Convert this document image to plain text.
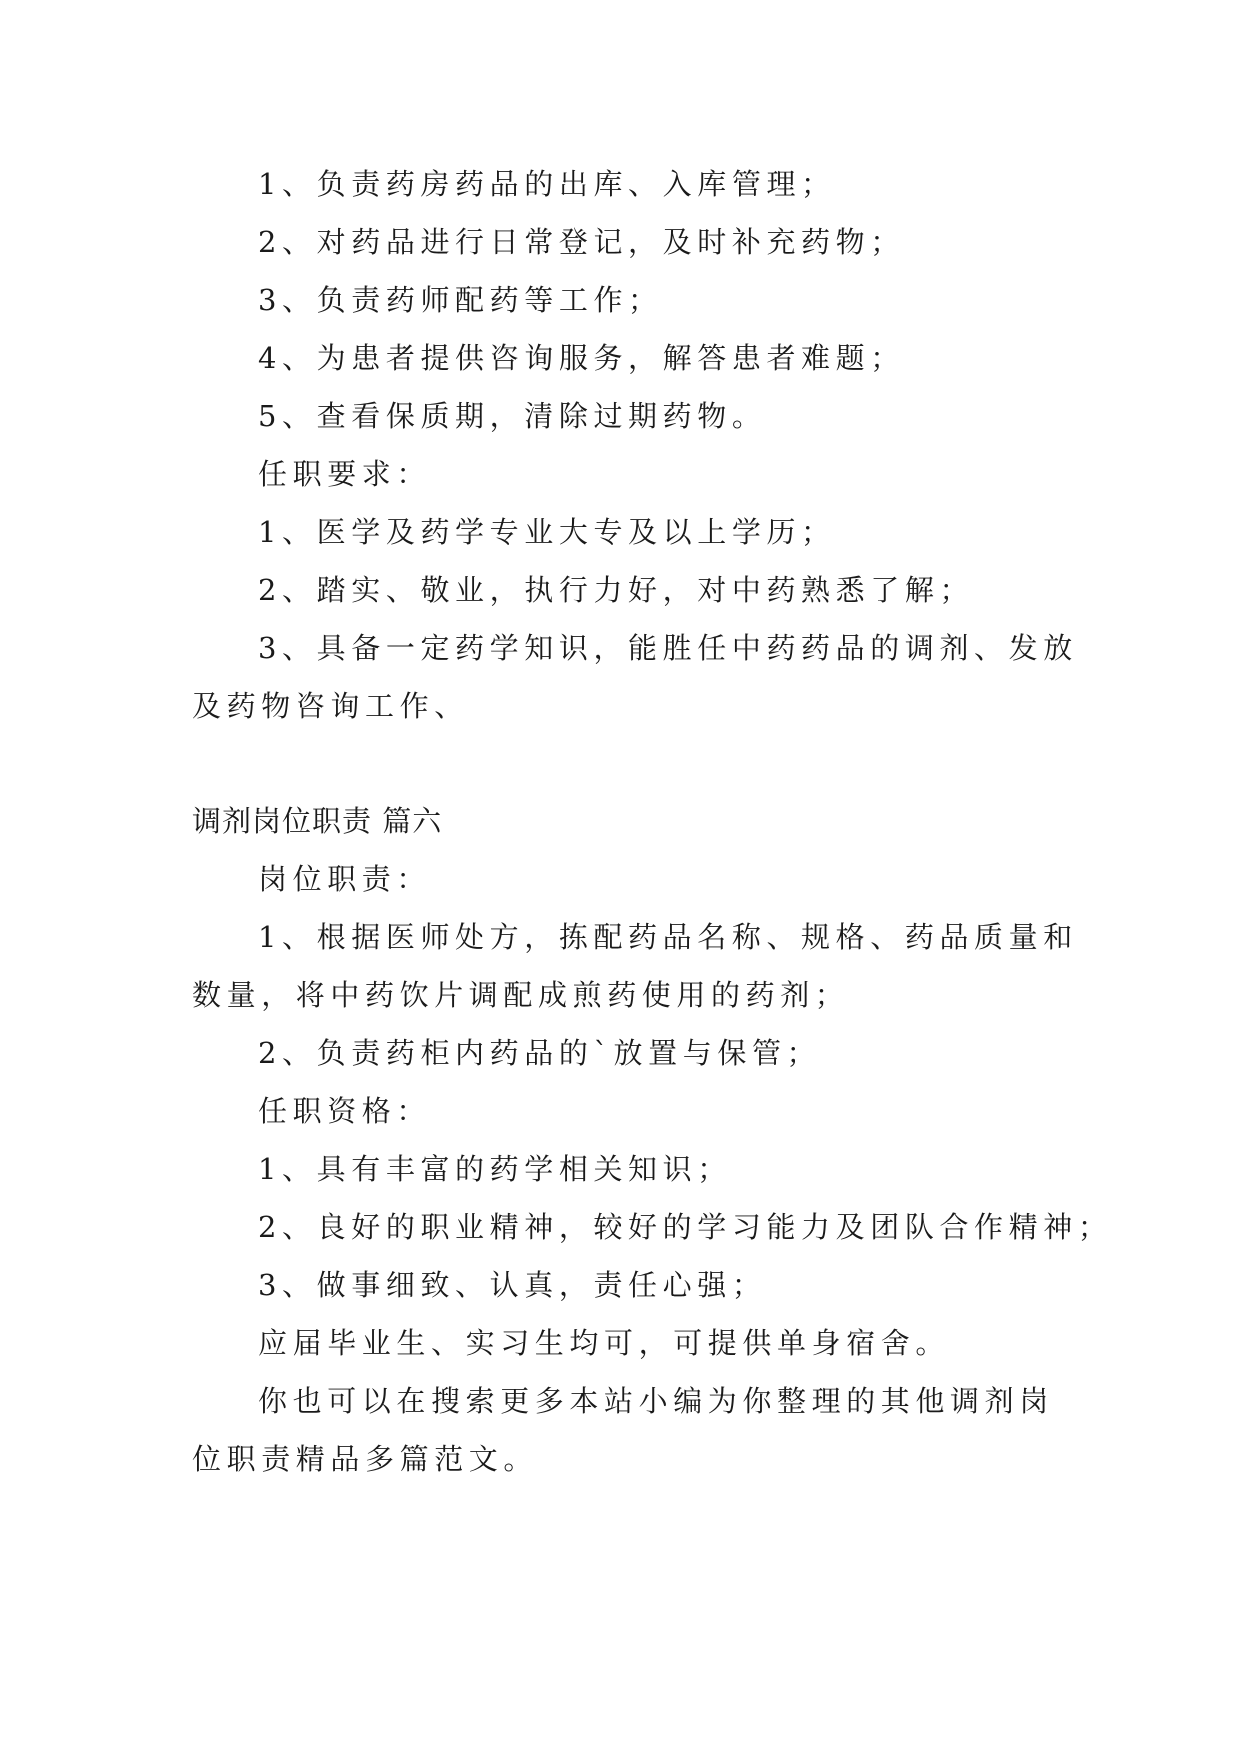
1、负责药房药品的出库、入库管理；
2、对药品进行日常登记，及时补充药物；
3、负责药师配药等工作；
4、为患者提供咨询服务，解答患者难题；
5、查看保质期，清除过期药物。
任职要求：
1、医学及药学专业大专及以上学历；
2、踏实、敬业，执行力好，对中药熟悉了解；
3、具备一定药学知识，能胜任中药药品的调剂、发放
及药物咨询工作、
调剂岗位职责 篇六
岗位职责：
1、根据医师处方，拣配药品名称、规格、药品质量和
数量，将中药饮片调配成煎药使用的药剂；
2、负责药柜内药品的`放置与保管；
任职资格：
1、具有丰富的药学相关知识；
2、良好的职业精神，较好的学习能力及团队合作精神；
3、做事细致、认真，责任心强；
应届毕业生、实习生均可，可提供单身宿舍。
你也可以在搜索更多本站小编为你整理的其他调剂岗
位职责精品多篇范文。
